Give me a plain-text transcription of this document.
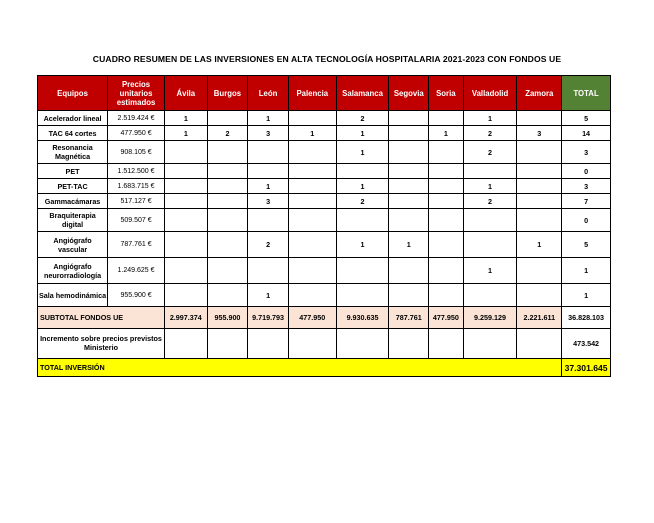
CUADRO RESUMEN DE LAS INVERSIONES EN ALTA TECNOLOGÍA HOSPITALARIA 2021-2023 CON FONDOS UE
Equipos	Precios unitarios estimados	Ávila	Burgos	León	Palencia	Salamanca	Segovia	Soria	Valladolid	Zamora	TOTAL
Acelerador lineal	2.519.424 €	1		1		2			1		5
TAC 64 cortes	477.950 €	1	2	3	1	1		1	2	3	14
Resonancia Magnética	908.105 €					1			2		3
PET	1.512.500 €										0
PET-TAC	1.683.715 €			1		1			1		3
Gammacámaras	517.127 €			3		2			2		7
Braquiterapia digital	509.507 €										0
Angiógrafo vascular	787.761 €			2		1	1			1	5
Angiógrafo neurorradiología	1.249.625 €								1		1
Sala hemodinámica	955.900 €			1							1
SUBTOTAL FONDOS UE		2.997.374	955.900	9.719.793	477.950	9.930.635	787.761	477.950	9.259.129	2.221.611	36.828.103
Incremento sobre precios previstos Ministerio											473.542
TOTAL INVERSIÓN											37.301.645
